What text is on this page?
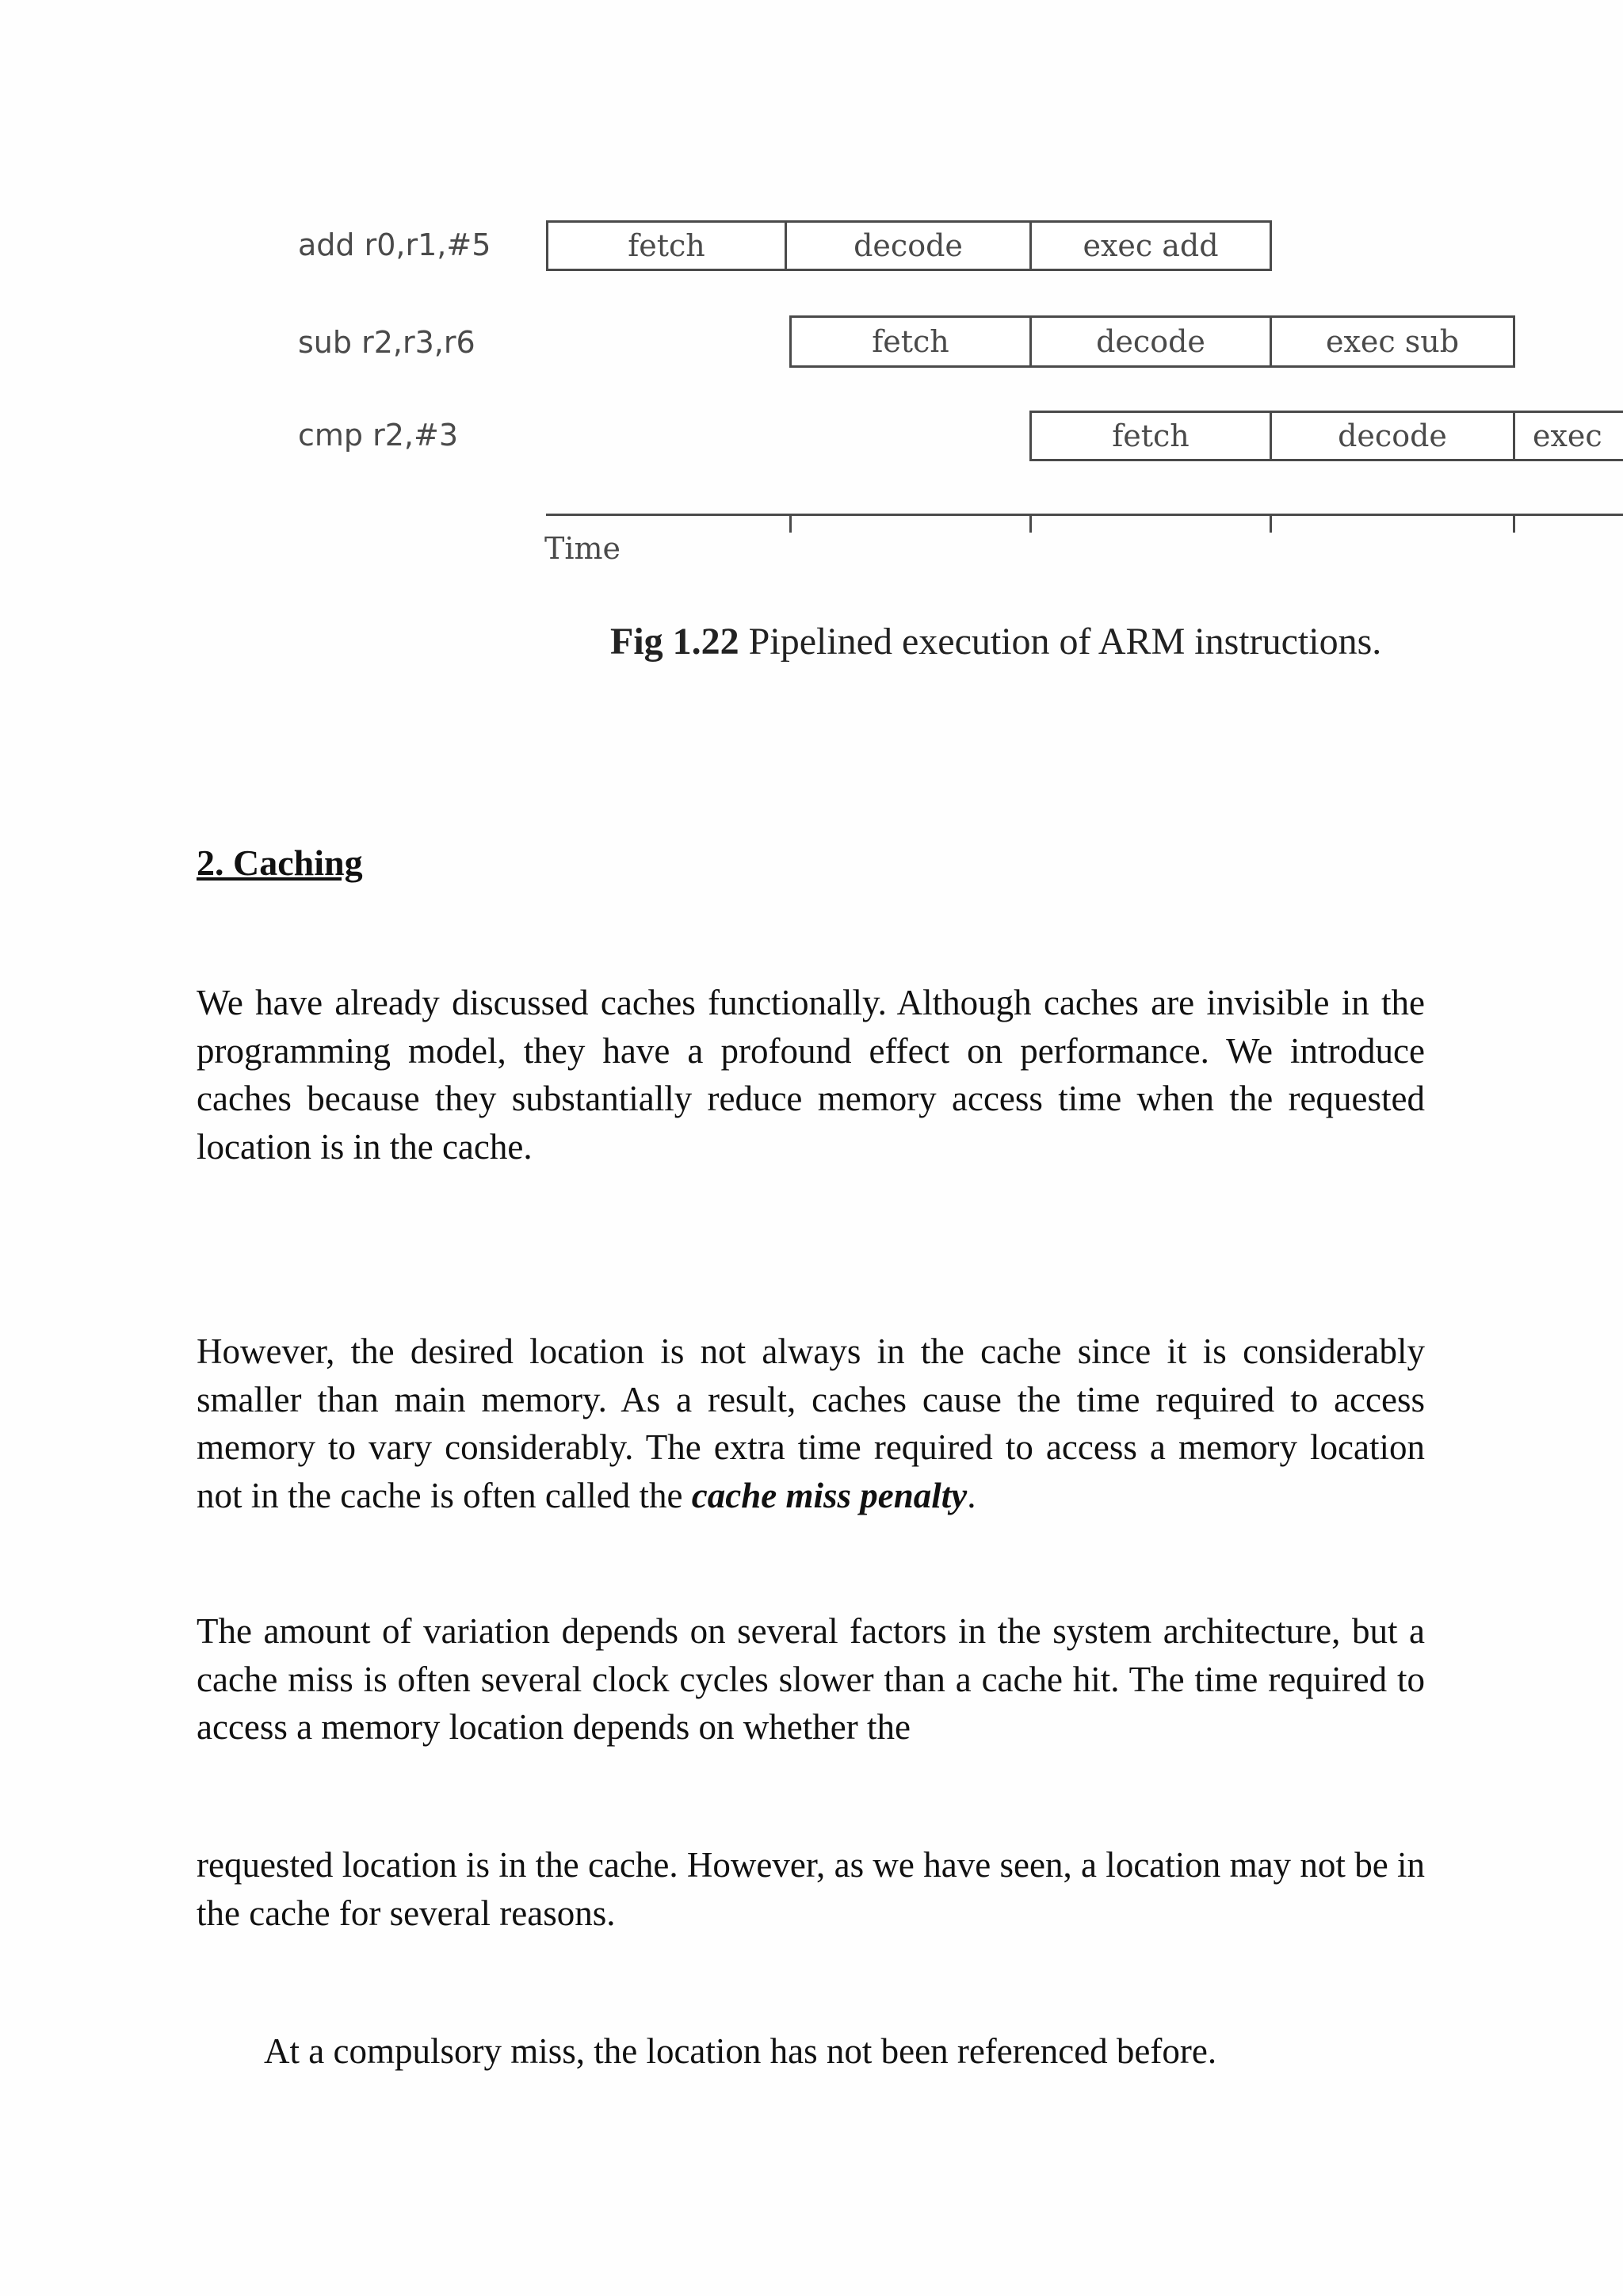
add r0,r1,#5	fetch	decode	exec add
sub r2,r3,r6	fetch	decode	exec sub
cmp r2,#3	fetch	decode	exec
Time
Fig 1.22 Pipelined execution of ARM instructions.
2. Caching

We have already discussed caches functionally. Although caches are invisible in the programming model, they have a profound effect on performance. We introduce caches because they substantially reduce memory access time when the requested location is in the cache.

However, the desired location is not always in the cache since it is considerably smaller than main memory. As a result, caches cause the time required to access memory to vary considerably. The extra time required to access a memory location not in the cache is often called the cache miss penalty.

The amount of variation depends on several factors in the system architecture, but a cache miss is often several clock cycles slower than a cache hit. The time required to access a memory location depends on whether the

requested location is in the cache. However, as we have seen, a location may not be in the cache for several reasons.

At a compulsory miss, the location has not been referenced before.
